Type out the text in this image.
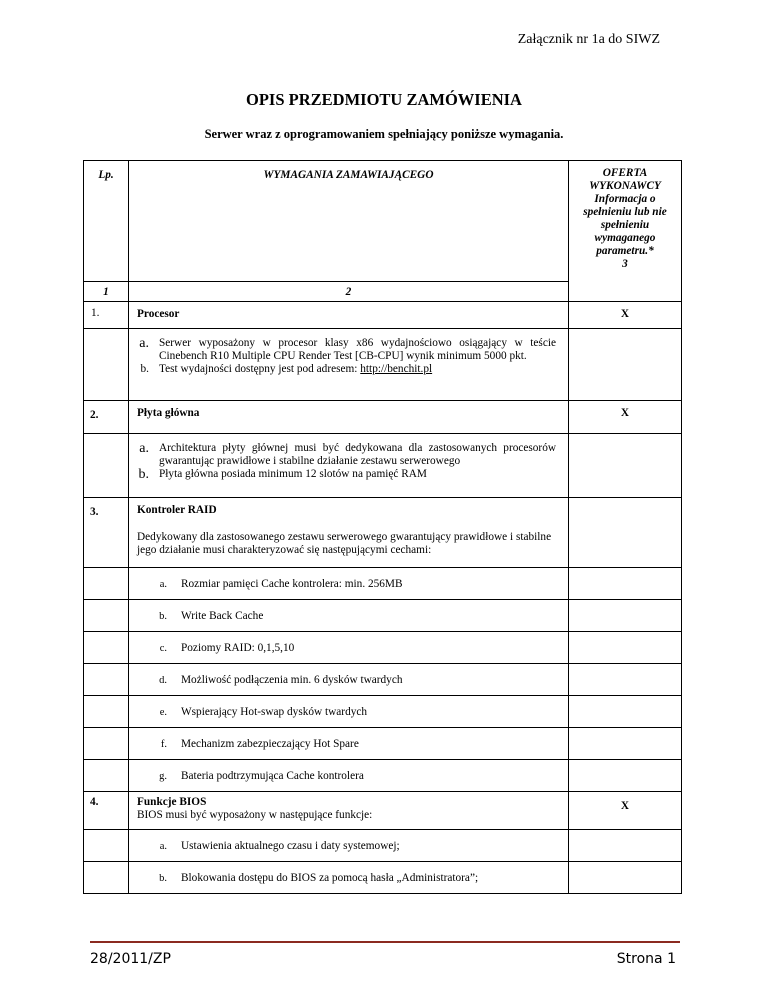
Załącznik nr 1a do SIWZ
OPIS PRZEDMIOTU ZAMÓWIENIA
Serwer wraz z oprogramowaniem spełniający poniższe wymagania.
Lp.	WYMAGANIA ZAMAWIAJĄCEGO	OFERTA WYKONAWCY Informacja o spełnieniu lub nie spełnieniu wymaganego parametru.*
3
1	2	
1.	Procesor	X

	a. Serwer wyposażony w procesor klasy x86 wydajnościowo osiągający w teście Cinebench R10 Multiple CPU Render Test [CB-CPU] wynik minimum 5000 pkt.
b. Test wydajności dostępny jest pod adresem: http://benchit.pl	

2.	Płyta główna	X

	a. Architektura płyty głównej musi być dedykowana dla zastosowanych procesorów gwarantując prawidłowe i stabilne działanie zestawu serwerowego
b. Płyta główna posiada minimum 12 slotów na pamięć RAM	

3.	Kontroler RAID
Dedykowany dla zastosowanego zestawu serwerowego gwarantujący prawidłowe i stabilne jego działanie musi charakteryzować się następującymi cechami:	

	a. Rozmiar pamięci Cache kontrolera: min. 256MB	

	b. Write Back Cache	

	c. Poziomy RAID: 0,1,5,10	

	d. Możliwość podłączenia min. 6 dysków twardych	

	e. Wspierający Hot-swap dysków twardych	

	f. Mechanizm zabezpieczający Hot Spare	

	g. Bateria podtrzymująca Cache kontrolera	

4.	Funkcje BIOS
BIOS musi być wyposażony w następujące funkcje:	X

	a. Ustawienia aktualnego czasu i daty systemowej;	

	b. Blokowania dostępu do BIOS za pomocą hasła „Administratora”;	

28/2011/ZP	Strona 1
